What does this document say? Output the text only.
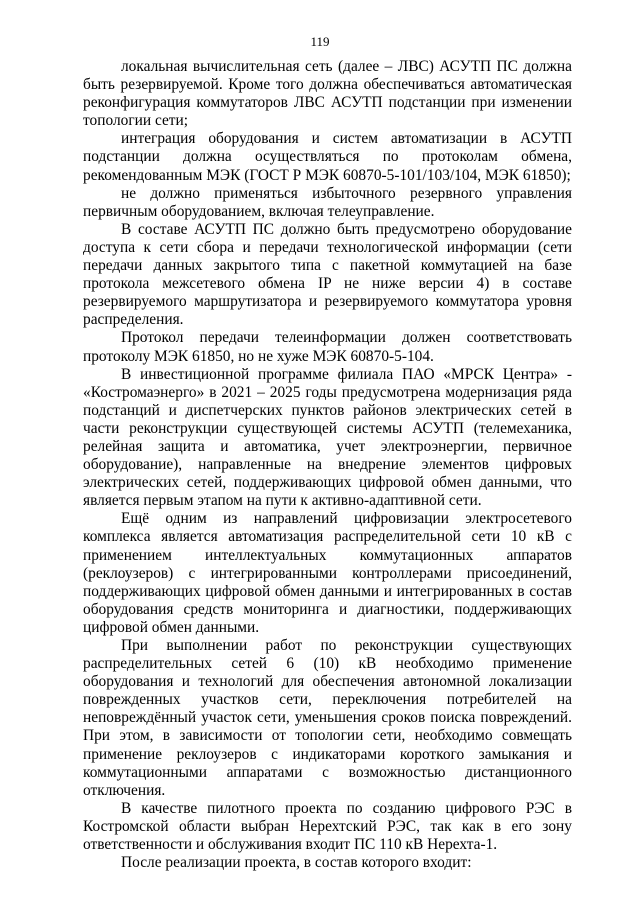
119

локальная вычислительная сеть (далее – ЛВС) АСУТП ПС должна быть резервируемой. Кроме того должна обеспечиваться автоматическая реконфигурация коммутаторов ЛВС АСУТП подстанции при изменении топологии сети;

интеграция оборудования и систем автоматизации в АСУТП подстанции должна осуществляться по протоколам обмена, рекомендованным МЭК (ГОСТ Р МЭК 60870-5-101/103/104, МЭК 61850);

не должно применяться избыточного резервного управления первичным оборудованием, включая телеуправление.

В составе АСУТП ПС должно быть предусмотрено оборудование доступа к сети сбора и передачи технологической информации (сети передачи данных закрытого типа с пакетной коммутацией на базе протокола межсетевого обмена IP не ниже версии 4) в составе резервируемого маршрутизатора и резервируемого коммутатора уровня распределения.

Протокол передачи телеинформации должен соответствовать протоколу МЭК 61850, но не хуже МЭК 60870-5-104.

В инвестиционной программе филиала ПАО «МРСК Центра» - «Костромаэнерго» в 2021 – 2025 годы предусмотрена модернизация ряда подстанций и диспетчерских пунктов районов электрических сетей в части реконструкции существующей системы АСУТП (телемеханика, релейная защита и автоматика, учет электроэнергии, первичное оборудование), направленные на внедрение элементов цифровых электрических сетей, поддерживающих цифровой обмен данными, что является первым этапом на пути к активно-адаптивной сети.

Ещё одним из направлений цифровизации электросетевого комплекса является автоматизация распределительной сети 10 кВ с применением интеллектуальных коммутационных аппаратов (реклоузеров) с интегрированными контроллерами присоединений, поддерживающих цифровой обмен данными и интегрированных в состав оборудования средств мониторинга и диагностики, поддерживающих цифровой обмен данными.

При выполнении работ по реконструкции существующих распределительных сетей 6 (10) кВ необходимо применение оборудования и технологий для обеспечения автономной локализации поврежденных участков сети, переключения потребителей на неповреждённый участок сети, уменьшения сроков поиска повреждений. При этом, в зависимости от топологии сети, необходимо совмещать применение реклоузеров с индикаторами короткого замыкания и коммутационными аппаратами с возможностью дистанционного отключения.

В качестве пилотного проекта по созданию цифрового РЭС в Костромской области выбран Нерехтский РЭС, так как в его зону ответственности и обслуживания входит ПС 110 кВ Нерехта-1.

После реализации проекта, в состав которого входит:
